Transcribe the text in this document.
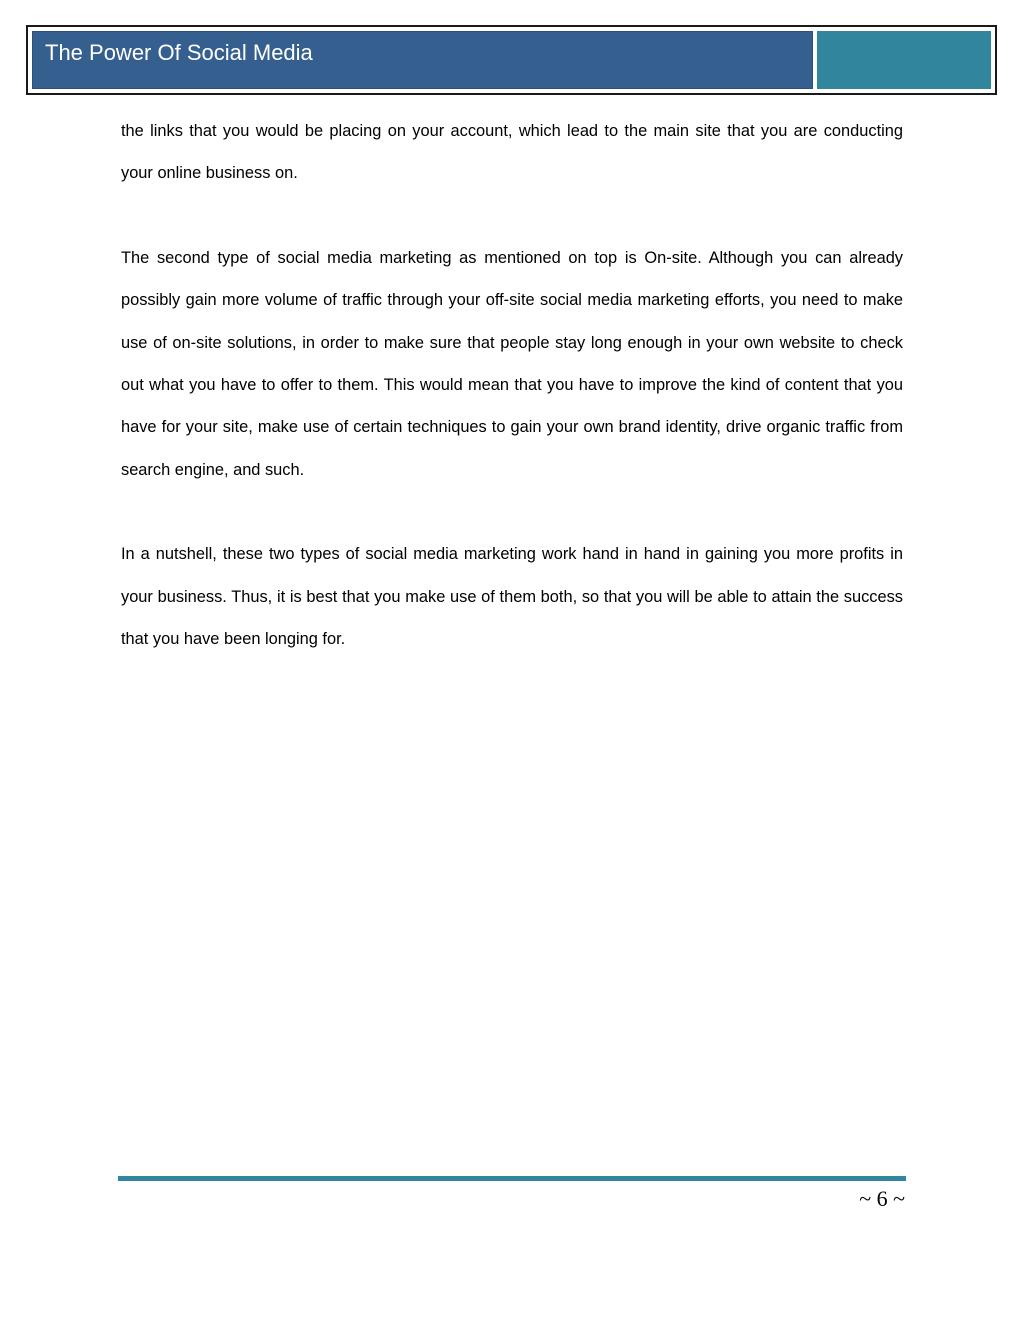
The Power Of Social Media

the links that you would be placing on your account, which lead to the main site that you are conducting your online business on.

The second type of social media marketing as mentioned on top is On-site. Although you can already possibly gain more volume of traffic through your off-site social media marketing efforts, you need to make use of on-site solutions, in order to make sure that people stay long enough in your own website to check out what you have to offer to them. This would mean that you have to improve the kind of content that you have for your site, make use of certain techniques to gain your own brand identity, drive organic traffic from search engine, and such.

In a nutshell, these two types of social media marketing work hand in hand in gaining you more profits in your business. Thus, it is best that you make use of them both, so that you will be able to attain the success that you have been longing for.

~ 6 ~
